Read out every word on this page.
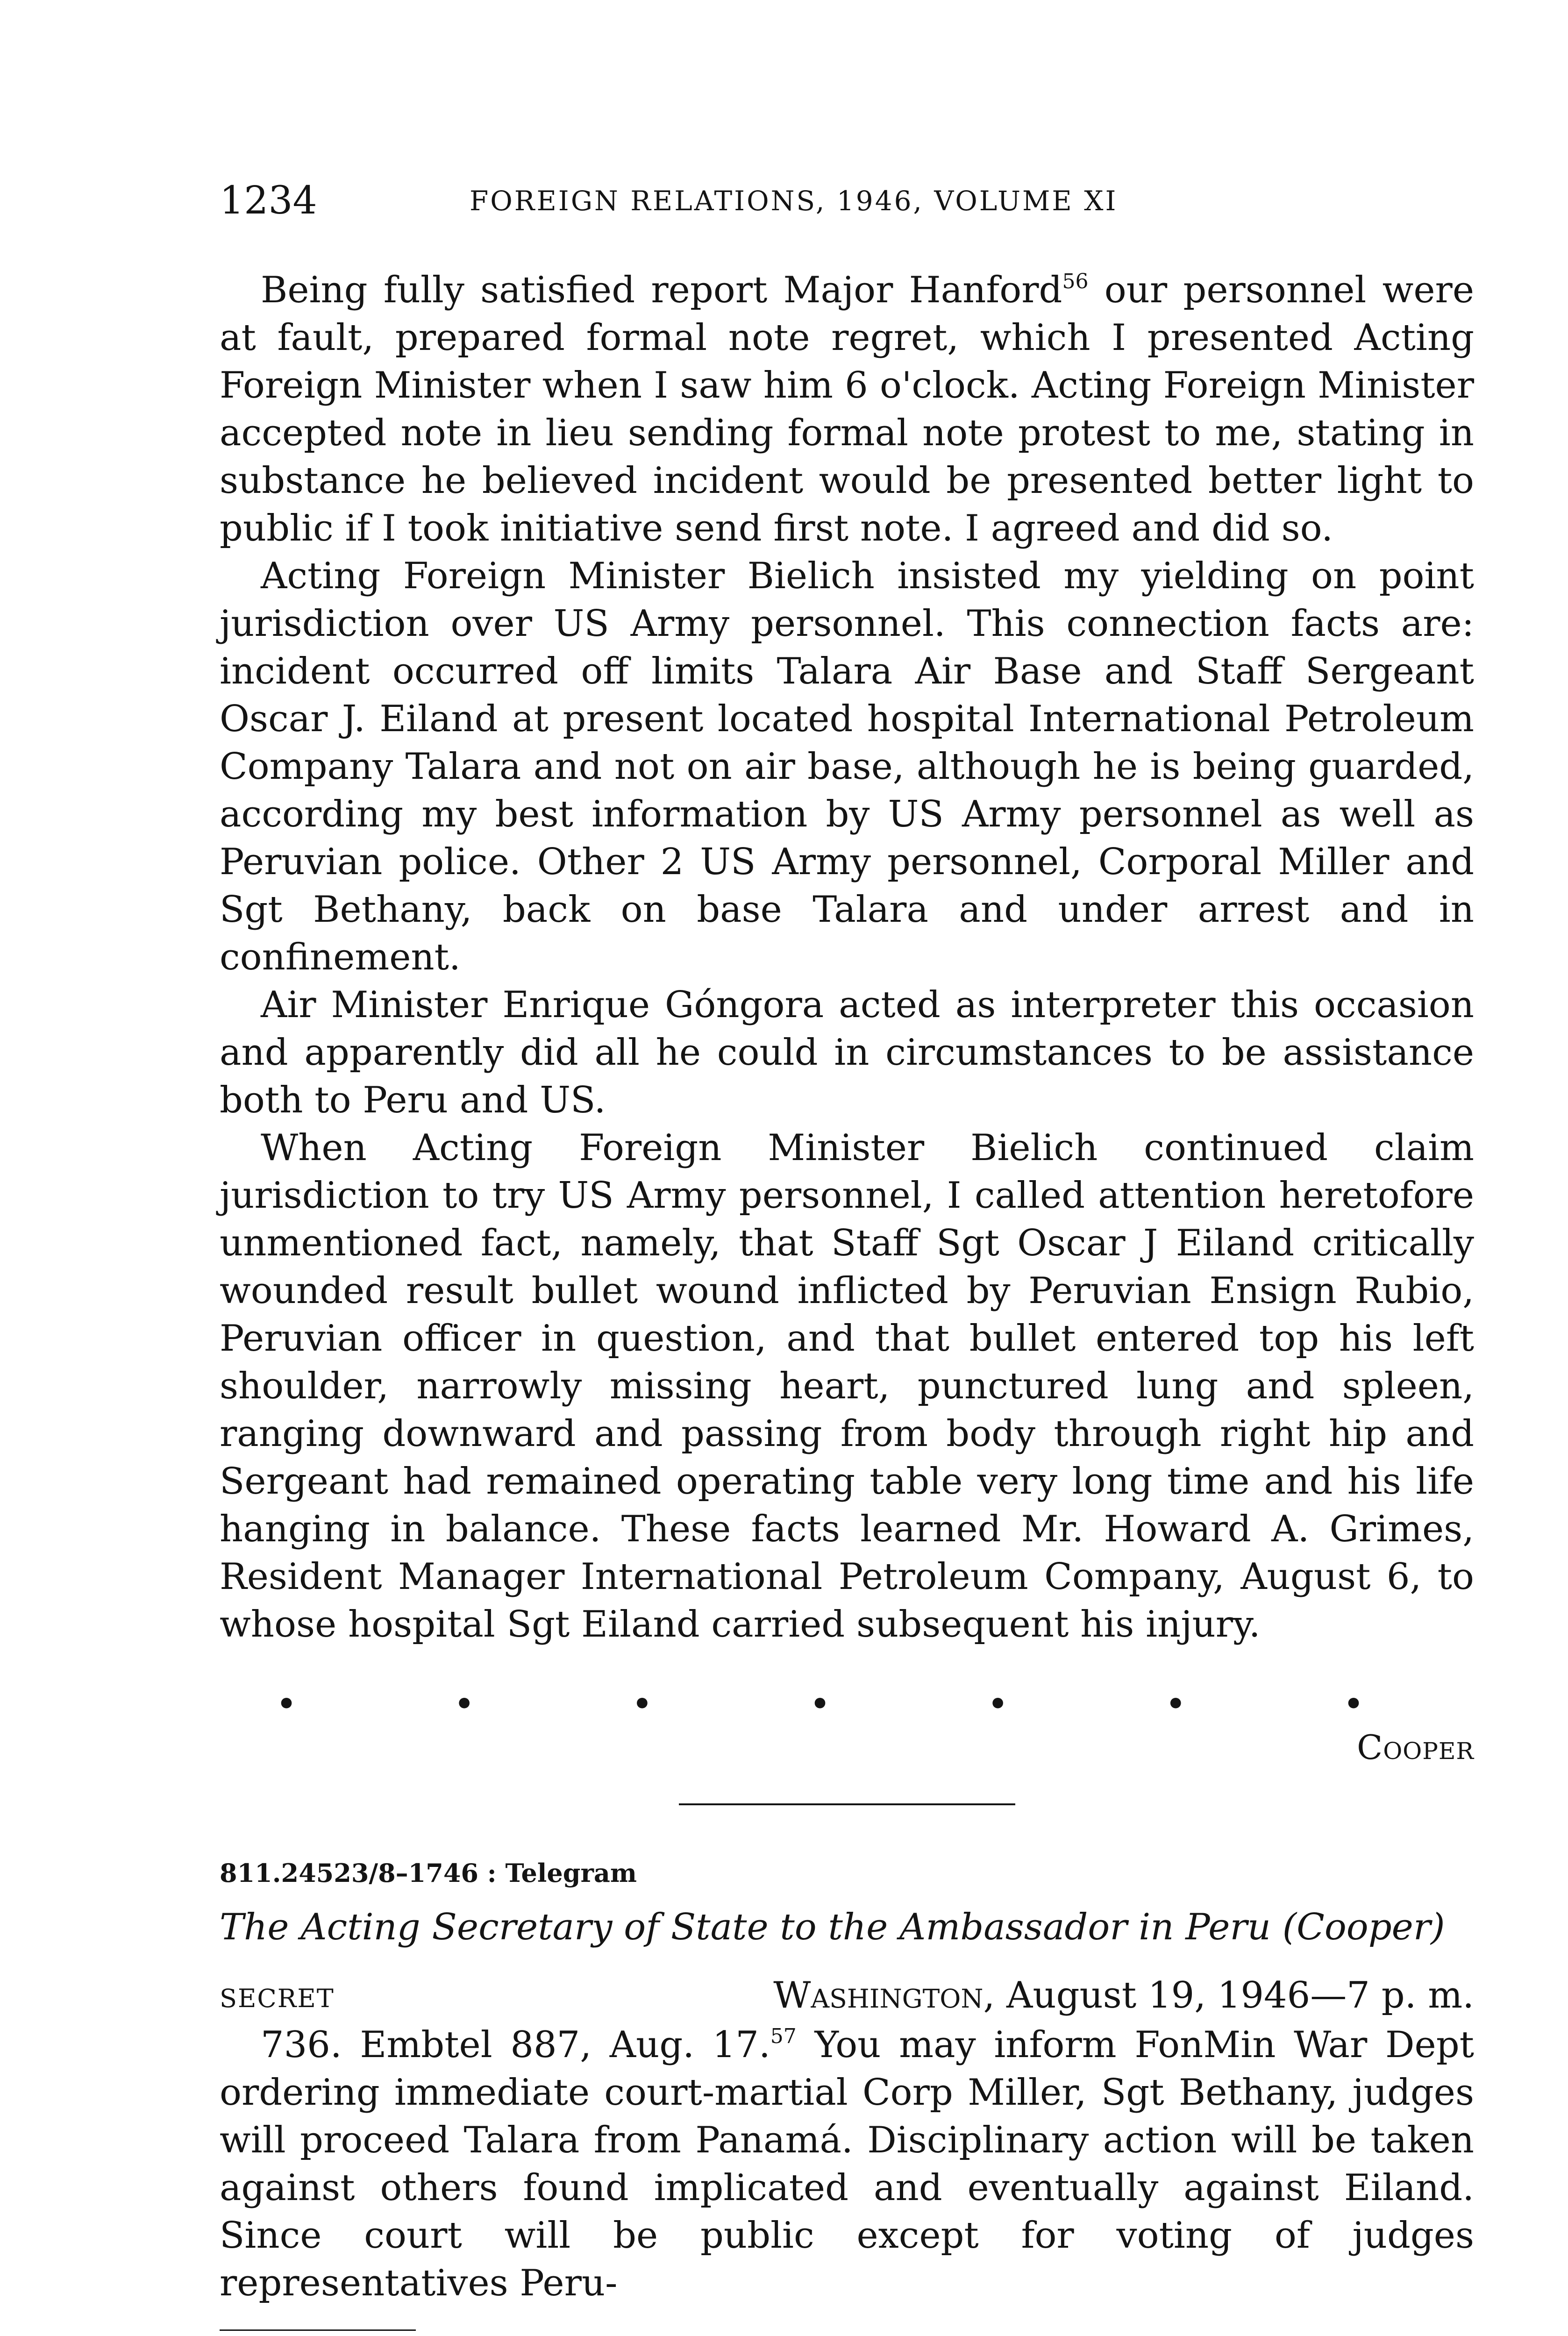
1234	FOREIGN RELATIONS, 1946, VOLUME XI

Being fully satisfied report Major Hanford$^{56}$ our personnel were at fault, prepared formal note regret, which I presented Acting Foreign Minister when I saw him 6 o'clock. Acting Foreign Minister accepted note in lieu sending formal note protest to me, stating in substance he believed incident would be presented better light to public if I took initiative send first note. I agreed and did so.

Acting Foreign Minister Bielich insisted my yielding on point jurisdiction over US Army personnel. This connection facts are: incident occurred off limits Talara Air Base and Staff Sergeant Oscar J. Eiland at present located hospital International Petroleum Company Talara and not on air base, although he is being guarded, according my best information by US Army personnel as well as Peruvian police. Other 2 US Army personnel, Corporal Miller and Sgt Bethany, back on base Talara and under arrest and in confinement.

Air Minister Enrique Góngora acted as interpreter this occasion and apparently did all he could in circumstances to be assistance both to Peru and US.

When Acting Foreign Minister Bielich continued claim jurisdiction to try US Army personnel, I called attention heretofore unmentioned fact, namely, that Staff Sgt Oscar J Eiland critically wounded result bullet wound inflicted by Peruvian Ensign Rubio, Peruvian officer in question, and that bullet entered top his left shoulder, narrowly missing heart, punctured lung and spleen, ranging downward and passing from body through right hip and Sergeant had remained operating table very long time and his life hanging in balance. These facts learned Mr. Howard A. Grimes, Resident Manager International Petroleum Company, August 6, to whose hospital Sgt Eiland carried subsequent his injury.

•	•	•	•	•	•	•
Cooper
811.24523/8–1746 : Telegram
The Acting Secretary of State to the Ambassador in Peru (Cooper)
SECRET	Washington, August 19, 1946—7 p. m.

736. Embtel 887, Aug. 17.57 You may inform FonMin War Dept ordering immediate court-martial Corp Miller, Sgt Bethany, judges will proceed Talara from Panamá. Disciplinary action will be taken against others found implicated and eventually against Eiland. Since court will be public except for voting of judges representatives Peru-
